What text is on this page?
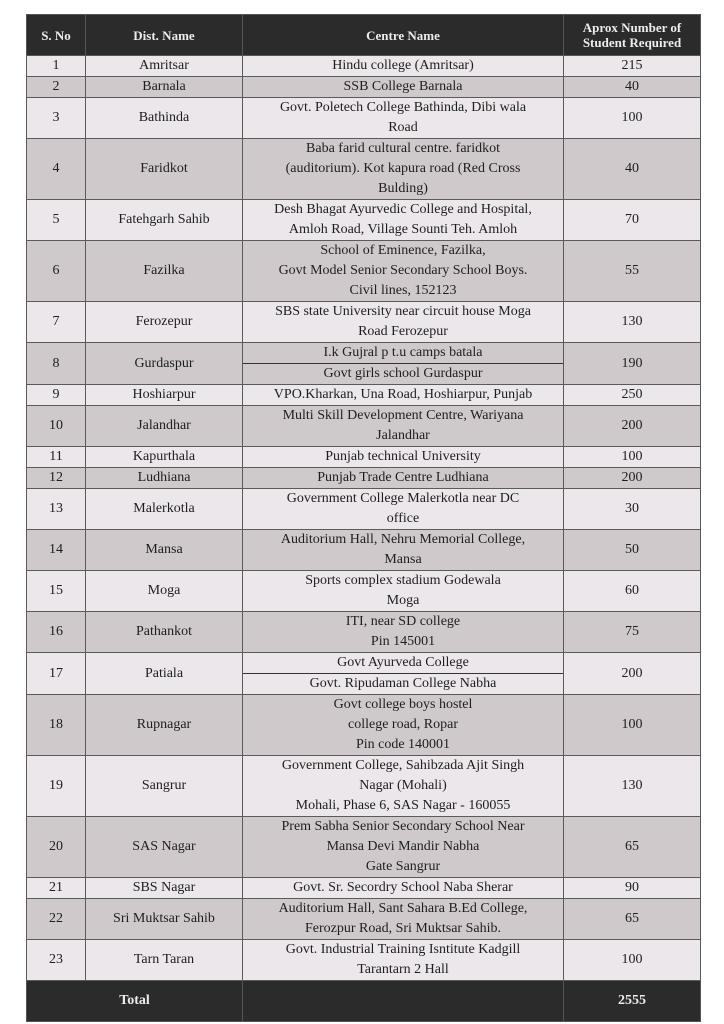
S. No	Dist. Name	Centre Name	Aprox Number of
Student Required

1	Amritsar	Hindu college (Amritsar)	215
2	Barnala	SSB College Barnala	40
3	Bathinda	Govt. Poletech College Bathinda, Dibi wala
Road	100
4	Faridkot	Baba farid cultural centre. faridkot
(auditorium). Kot kapura road (Red Cross
Bulding)	40
5	Fatehgarh Sahib	Desh Bhagat Ayurvedic College and Hospital,
Amloh Road, Village Sounti Teh. Amloh	70
6	Fazilka	School of Eminence, Fazilka,
Govt Model Senior Secondary School Boys.
Civil lines, 152123	55
7	Ferozepur	SBS state University near circuit house Moga
Road Ferozepur	130
8	Gurdaspur	I.k Gujral p t.u camps batala
Govt girls school Gurdaspur	190
9	Hoshiarpur	VPO.Kharkan, Una Road, Hoshiarpur, Punjab	250
10	Jalandhar	Multi Skill Development Centre, Wariyana
Jalandhar	200
11	Kapurthala	Punjab technical University	100
12	Ludhiana	Punjab Trade Centre Ludhiana	200
13	Malerkotla	Government College Malerkotla near DC
office	30
14	Mansa	Auditorium Hall, Nehru Memorial College,
Mansa	50
15	Moga	Sports complex stadium Godewala
Moga	60
16	Pathankot	ITI, near SD college
Pin 145001	75
17	Patiala	Govt Ayurveda College
Govt. Ripudaman College Nabha	200
18	Rupnagar	Govt college boys hostel
college road, Ropar
Pin code 140001	100
19	Sangrur	Government College, Sahibzada Ajit Singh
Nagar (Mohali)
Mohali, Phase 6, SAS Nagar - 160055	130
20	SAS Nagar	Prem Sabha Senior Secondary School Near
Mansa Devi Mandir Nabha
Gate Sangrur	65
21	SBS Nagar	Govt. Sr. Secordry School Naba Sherar	90
22	Sri Muktsar Sahib	Auditorium Hall, Sant Sahara B.Ed College,
Ferozpur Road, Sri Muktsar Sahib.	65
23	Tarn Taran	Govt. Industrial Training Isntitute Kadgill
Tarantarn 2 Hall	100
Total			2555
